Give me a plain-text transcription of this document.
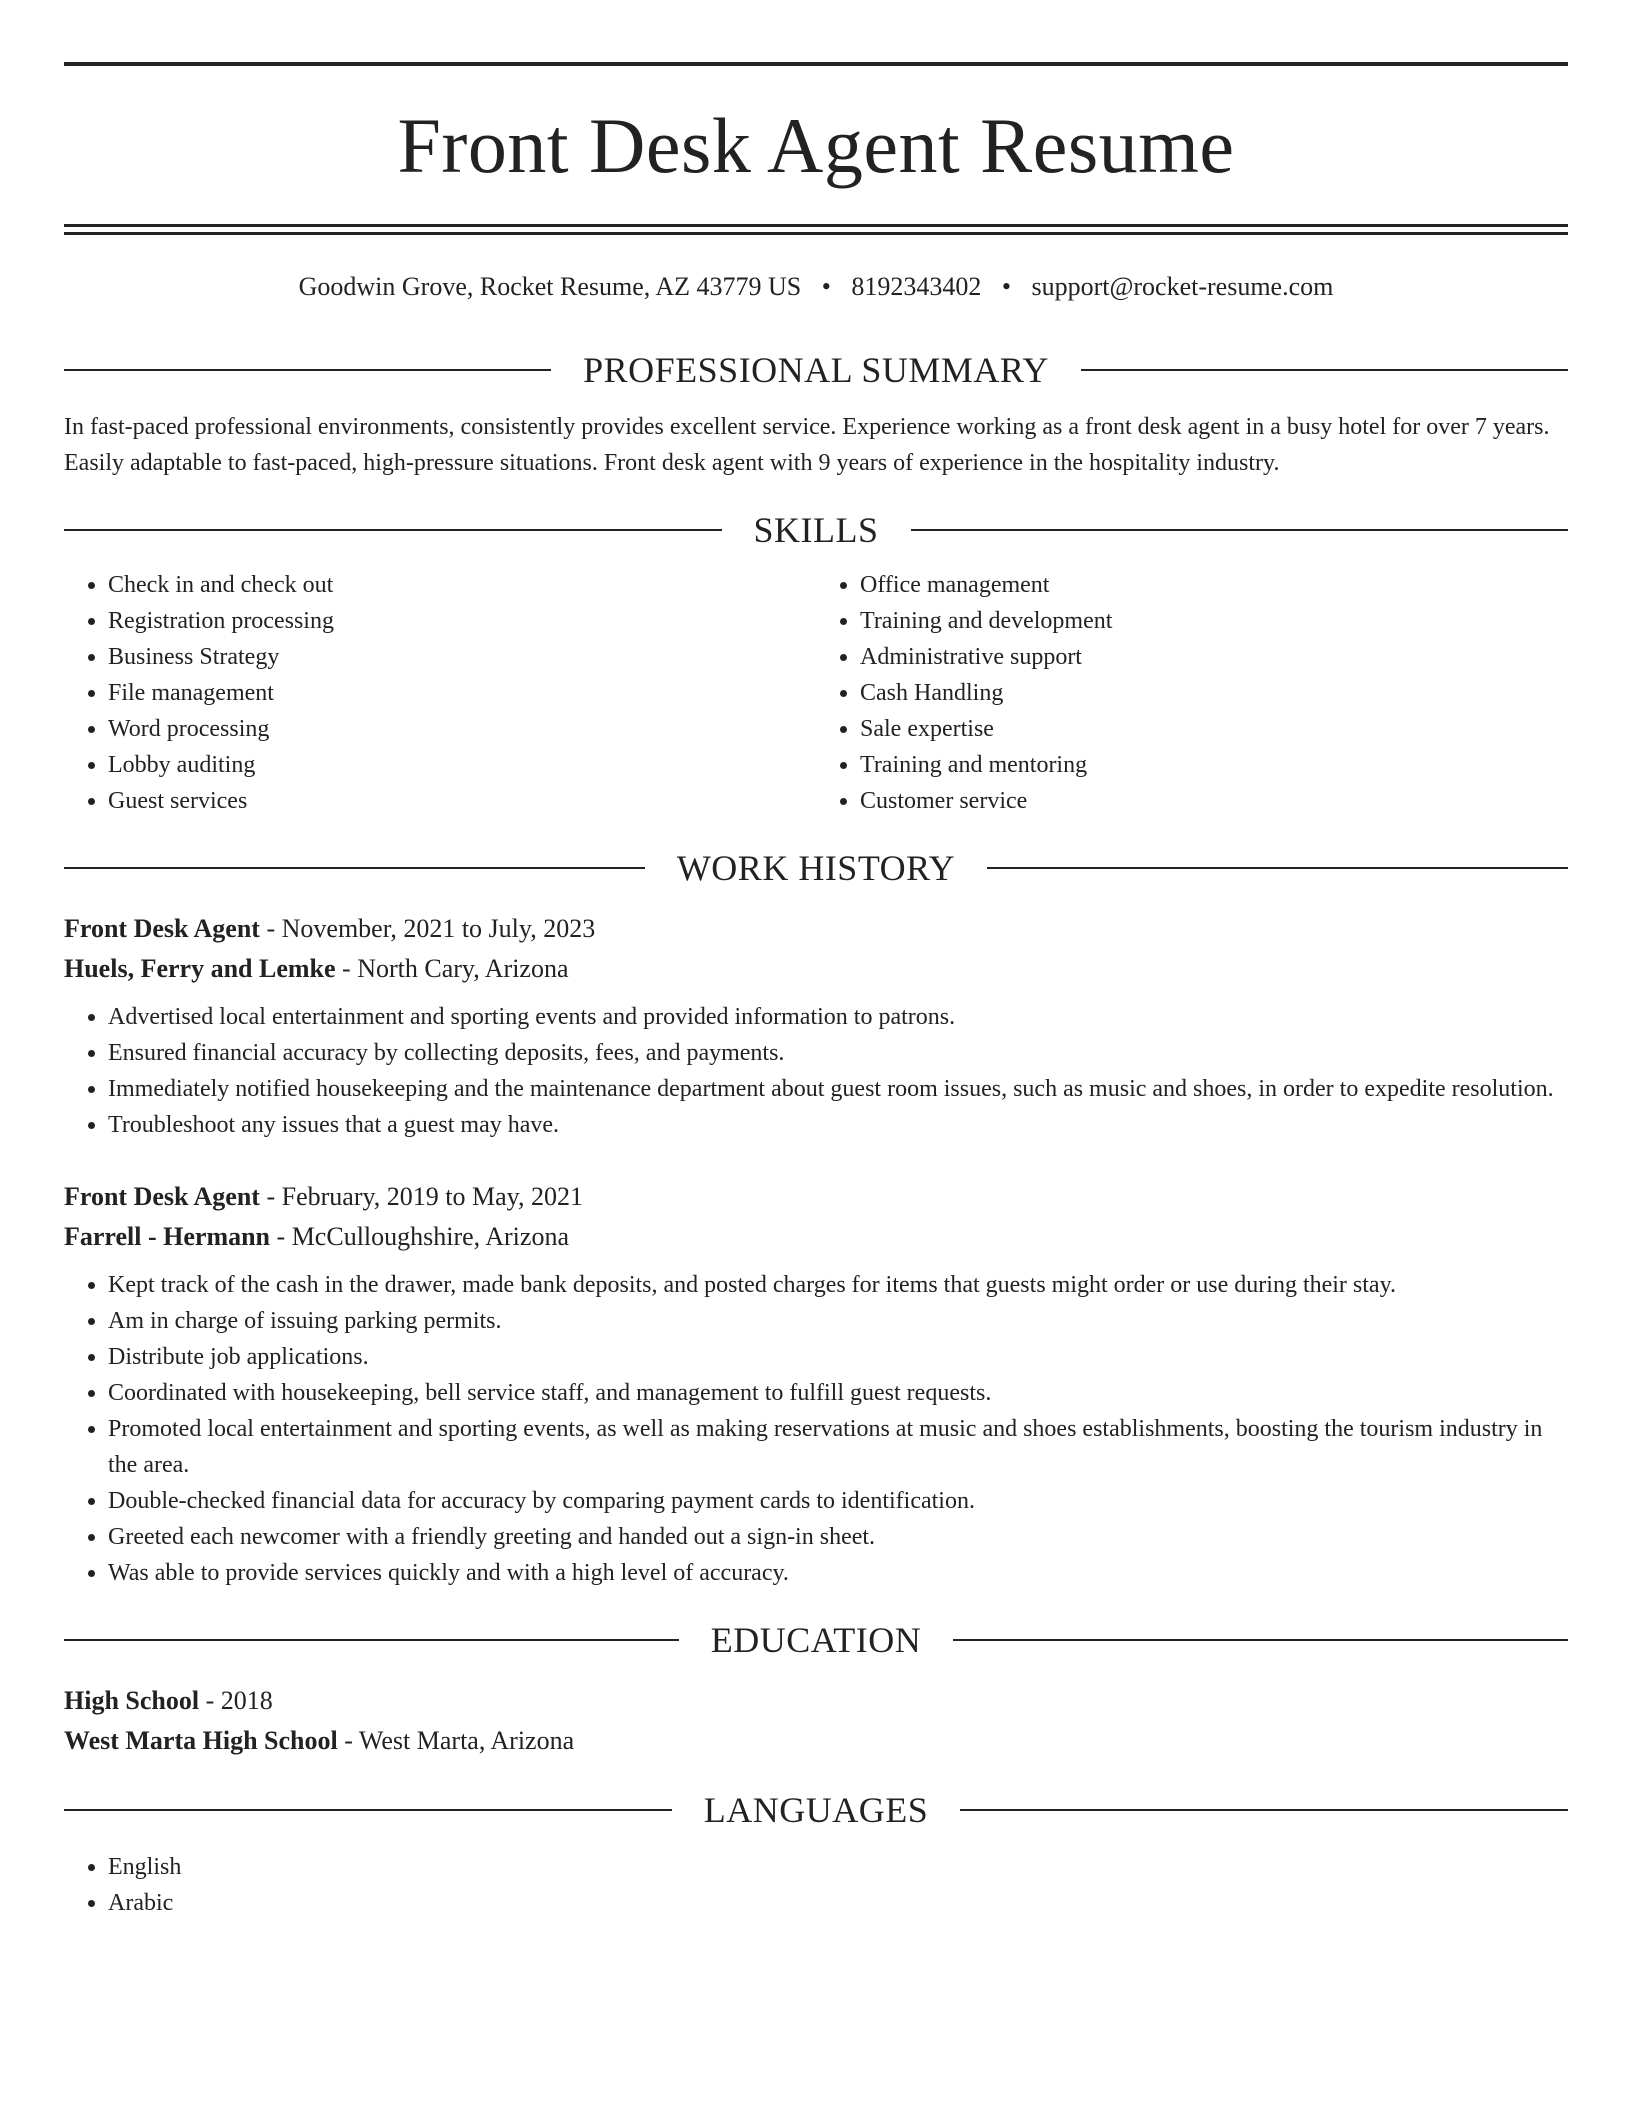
Front Desk Agent Resume
Goodwin Grove, Rocket Resume, AZ 43779 US • 8192343402 • support@rocket-resume.com
PROFESSIONAL SUMMARY

In fast-paced professional environments, consistently provides excellent service. Experience working as a front desk agent in a busy hotel for over 7 years. Easily adaptable to fast-paced, high-pressure situations. Front desk agent with 9 years of experience in the hospitality industry.

SKILLS
• Check in and check out
• Registration processing
• Business Strategy
• File management
• Word processing
• Lobby auditing
• Guest services
• Office management
• Training and development
• Administrative support
• Cash Handling
• Sale expertise
• Training and mentoring
• Customer service
WORK HISTORY
Front Desk Agent - November, 2021 to July, 2023
Huels, Ferry and Lemke - North Cary, Arizona
• Advertised local entertainment and sporting events and provided information to patrons.
• Ensured financial accuracy by collecting deposits, fees, and payments.
• Immediately notified housekeeping and the maintenance department about guest room issues, such as music and shoes, in order to expedite resolution.
• Troubleshoot any issues that a guest may have.
Front Desk Agent - February, 2019 to May, 2021
Farrell - Hermann - McCulloughshire, Arizona
• Kept track of the cash in the drawer, made bank deposits, and posted charges for items that guests might order or use during their stay.
• Am in charge of issuing parking permits.
• Distribute job applications.
• Coordinated with housekeeping, bell service staff, and management to fulfill guest requests.
• Promoted local entertainment and sporting events, as well as making reservations at music and shoes establishments, boosting the tourism industry in the area.
• Double-checked financial data for accuracy by comparing payment cards to identification.
• Greeted each newcomer with a friendly greeting and handed out a sign-in sheet.
• Was able to provide services quickly and with a high level of accuracy.
EDUCATION
High School - 2018
West Marta High School - West Marta, Arizona
LANGUAGES
• English
• Arabic
